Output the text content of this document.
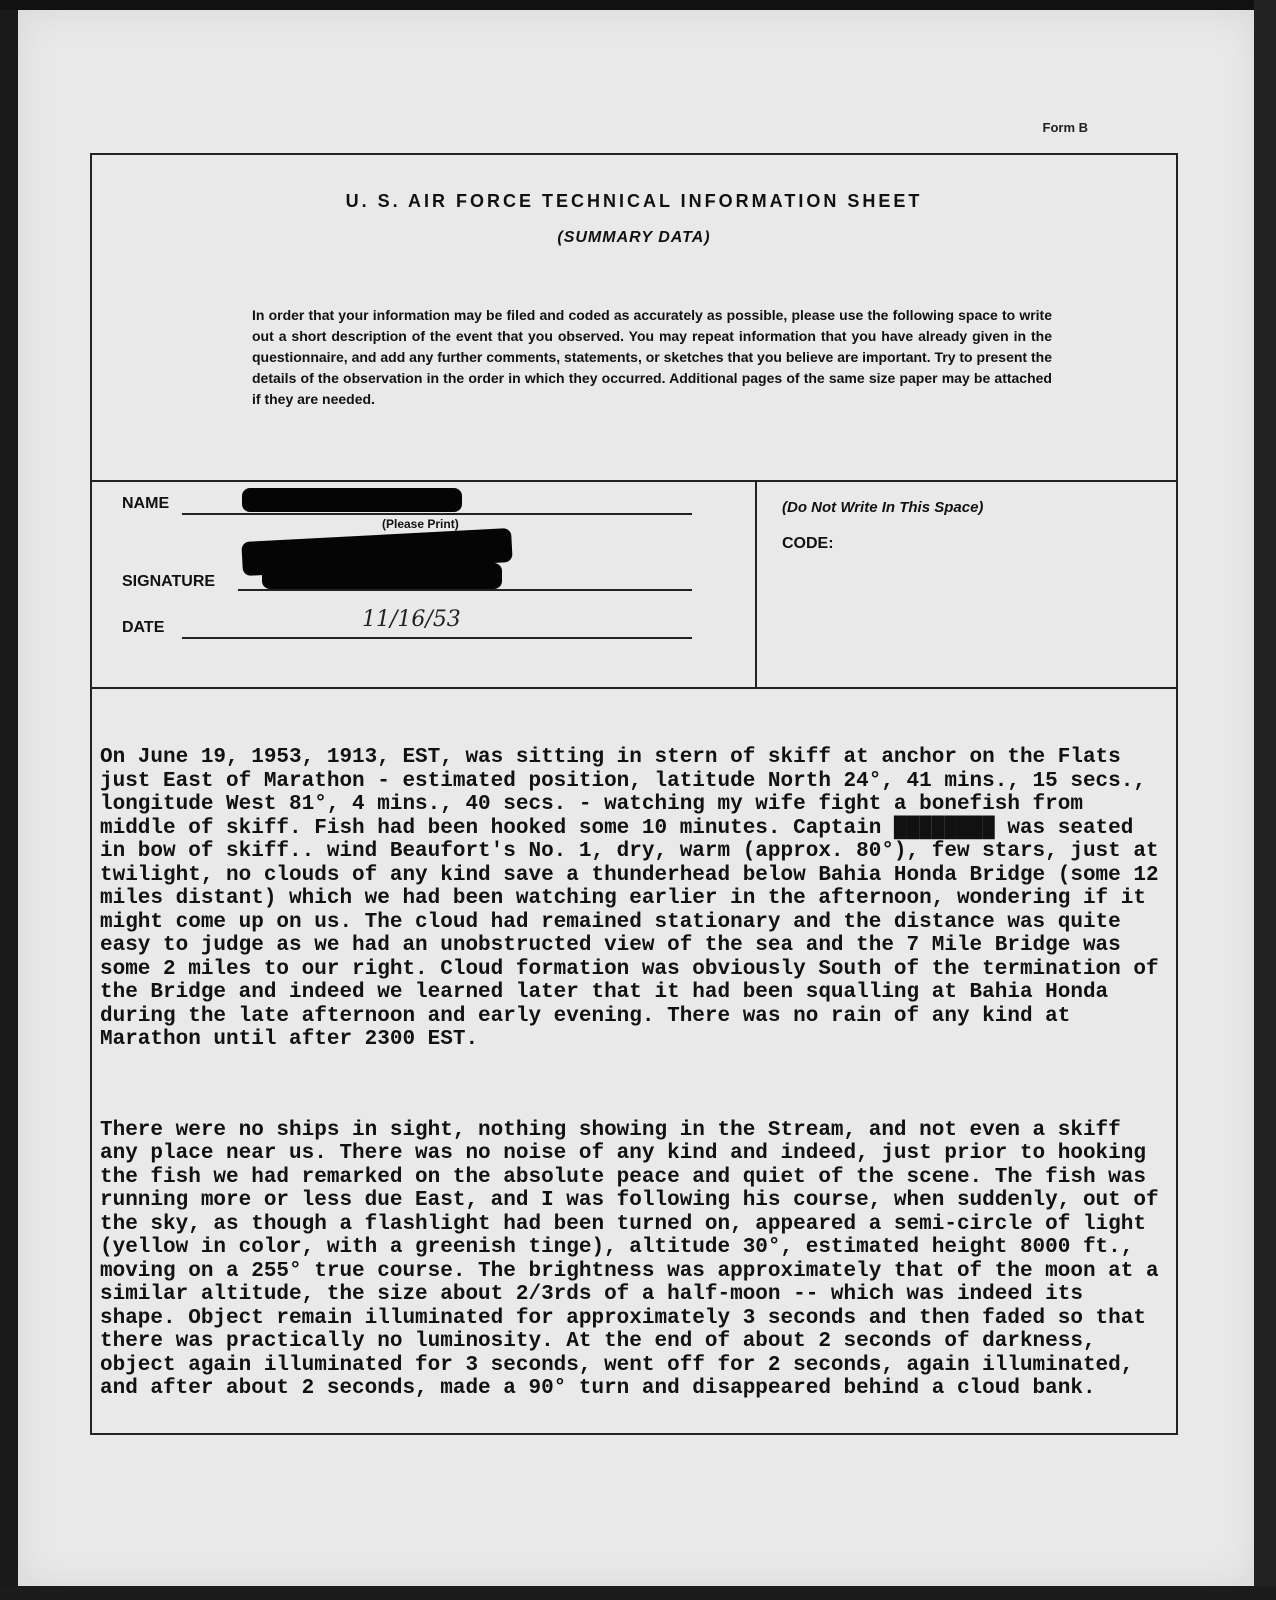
Form B
U. S. AIR FORCE TECHNICAL INFORMATION SHEET
(SUMMARY DATA)
In order that your information may be filed and coded as accurately as possible, please use the following space to write out a short description of the event that you observed. You may repeat information that you have already given in the questionnaire, and add any further comments, statements, or sketches that you believe are important. Try to present the details of the observation in the order in which they occurred. Additional pages of the same size paper may be attached if they are needed.
NAME
(Please Print)
SIGNATURE
DATE	11/16/53
(Do Not Write In This Space)
CODE:

On June 19, 1953, 1913, EST, was sitting in stern of skiff at anchor on the Flats just East of Marathon - estimated position, latitude North 24°, 41 mins., 15 secs., longitude West 81°, 4 mins., 40 secs. - watching my wife fight a bonefish from middle of skiff. Fish had been hooked some 10 minutes. Captain ████████ was seated in bow of skiff.. wind Beaufort's No. 1, dry, warm (approx. 80°), few stars, just at twilight, no clouds of any kind save a thunderhead below Bahia Honda Bridge (some 12 miles distant) which we had been watching earlier in the afternoon, wondering if it might come up on us. The cloud had remained stationary and the distance was quite easy to judge as we had an unobstructed view of the sea and the 7 Mile Bridge was some 2 miles to our right. Cloud formation was obviously South of the termination of the Bridge and indeed we learned later that it had been squalling at Bahia Honda during the late afternoon and early evening. There was no rain of any kind at Marathon until after 2300 EST.

There were no ships in sight, nothing showing in the Stream, and not even a skiff any place near us. There was no noise of any kind and indeed, just prior to hooking the fish we had remarked on the absolute peace and quiet of the scene. The fish was running more or less due East, and I was following his course, when suddenly, out of the sky, as though a flashlight had been turned on, appeared a semi-circle of light (yellow in color, with a greenish tinge), altitude 30°, estimated height 8000 ft., moving on a 255° true course. The brightness was approximately that of the moon at a similar altitude, the size about 2/3rds of a half-moon -- which was indeed its shape. Object remain illuminated for approximately 3 seconds and then faded so that there was practically no luminosity. At the end of about 2 seconds of darkness, object again illuminated for 3 seconds, went off for 2 seconds, again illuminated, and after about 2 seconds, made a 90° turn and disappeared behind a cloud bank.
